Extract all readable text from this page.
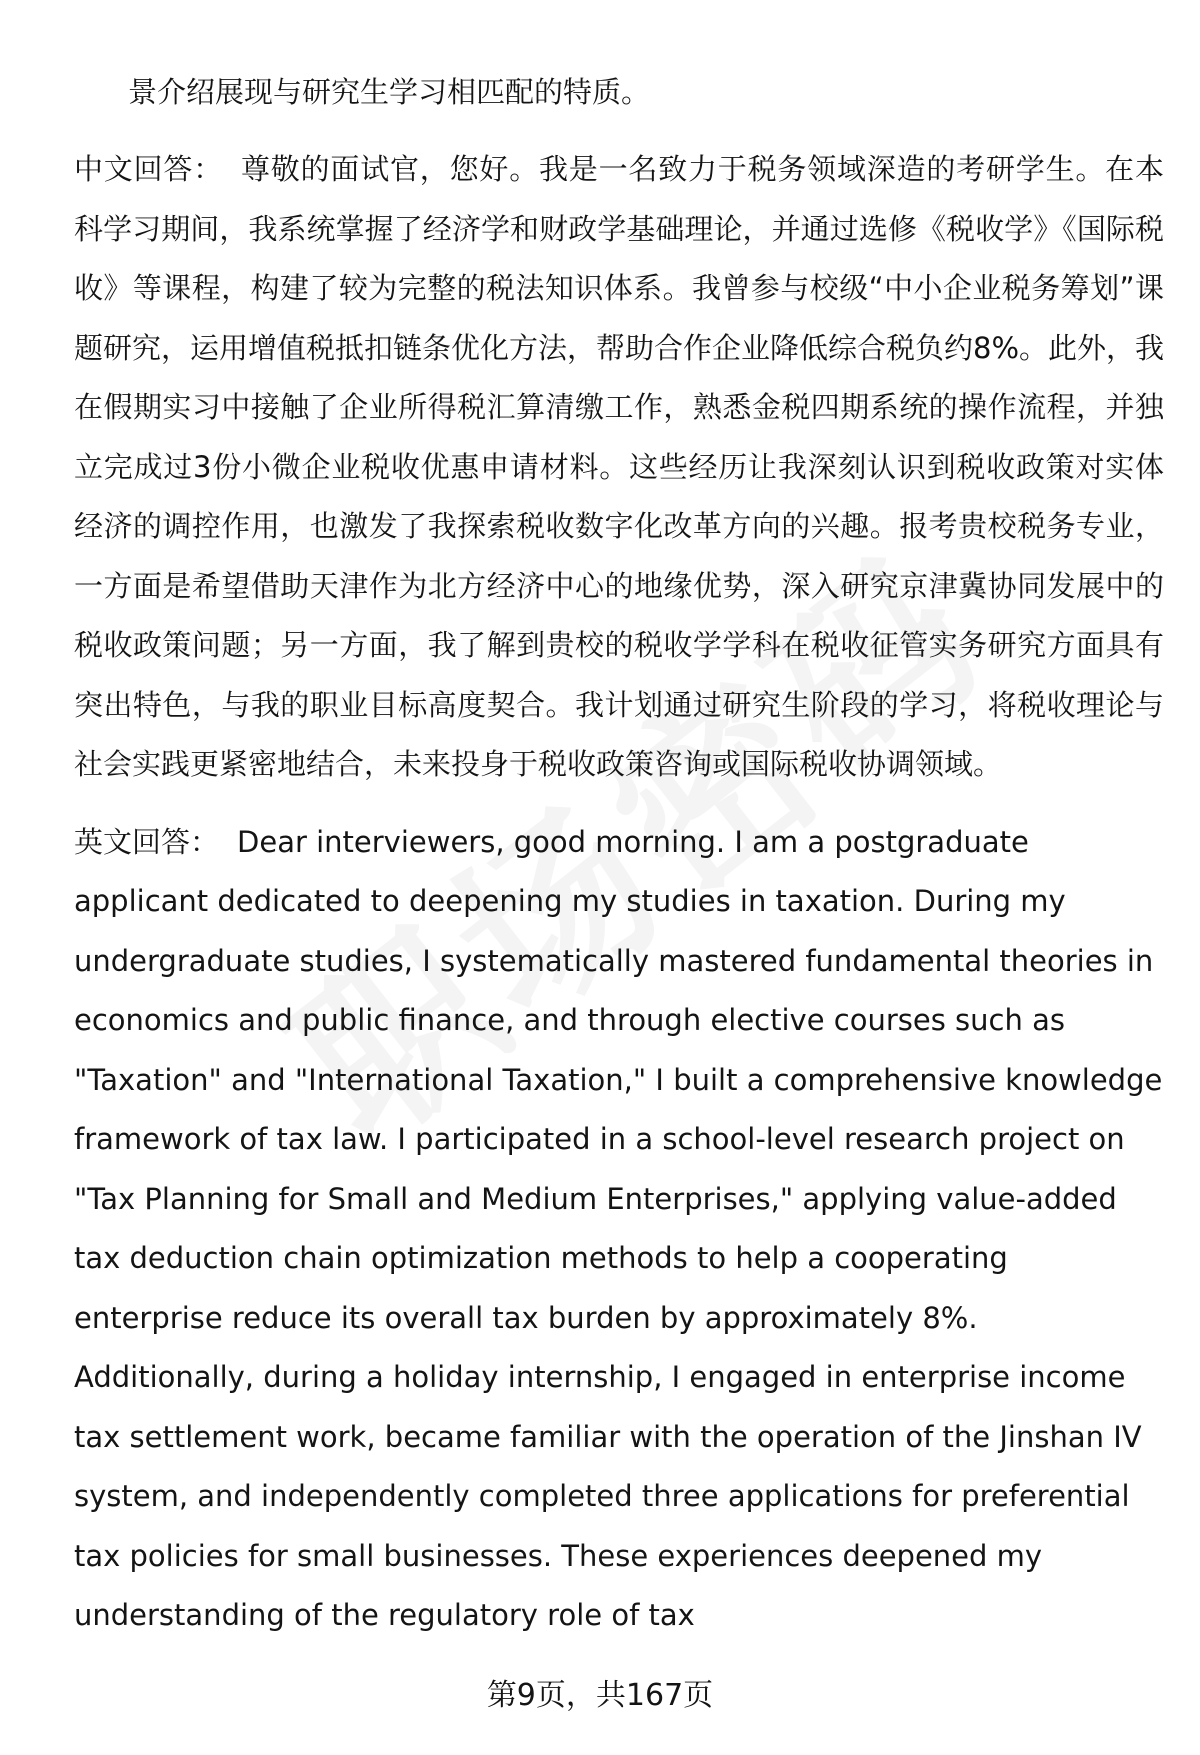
景介绍展现与研究生学习相匹配的特质。

中文回答： 尊敬的面试官，您好。我是一名致力于税务领域深造的考研学生。在本科学习期间，我系统掌握了经济学和财政学基础理论，并通过选修《税收学》《国际税收》等课程，构建了较为完整的税法知识体系。我曾参与校级“中小企业税务筹划”课题研究，运用增值税抵扣链条优化方法，帮助合作企业降低综合税负约8%。此外，我在假期实习中接触了企业所得税汇算清缴工作，熟悉金税四期系统的操作流程，并独立完成过3份小微企业税收优惠申请材料。这些经历让我深刻认识到税收政策对实体经济的调控作用，也激发了我探索税收数字化改革方向的兴趣。报考贵校税务专业，一方面是希望借助天津作为北方经济中心的地缘优势，深入研究京津冀协同发展中的税收政策问题；另一方面，我了解到贵校的税收学学科在税收征管实务研究方面具有突出特色，与我的职业目标高度契合。我计划通过研究生阶段的学习，将税收理论与社会实践更紧密地结合，未来投身于税收政策咨询或国际税收协调领域。

英文回答： Dear interviewers, good morning. I am a postgraduate applicant dedicated to deepening my studies in taxation. During my undergraduate studies, I systematically mastered fundamental theories in economics and public finance, and through elective courses such as "Taxation" and "International Taxation," I built a comprehensive knowledge framework of tax law. I participated in a school-level research project on "Tax Planning for Small and Medium Enterprises," applying value-added tax deduction chain optimization methods to help a cooperating enterprise reduce its overall tax burden by approximately 8%. Additionally, during a holiday internship, I engaged in enterprise income tax settlement work, became familiar with the operation of the Jinshan IV system, and independently completed three applications for preferential tax policies for small businesses. These experiences deepened my understanding of the regulatory role of tax

第9页，共167页
